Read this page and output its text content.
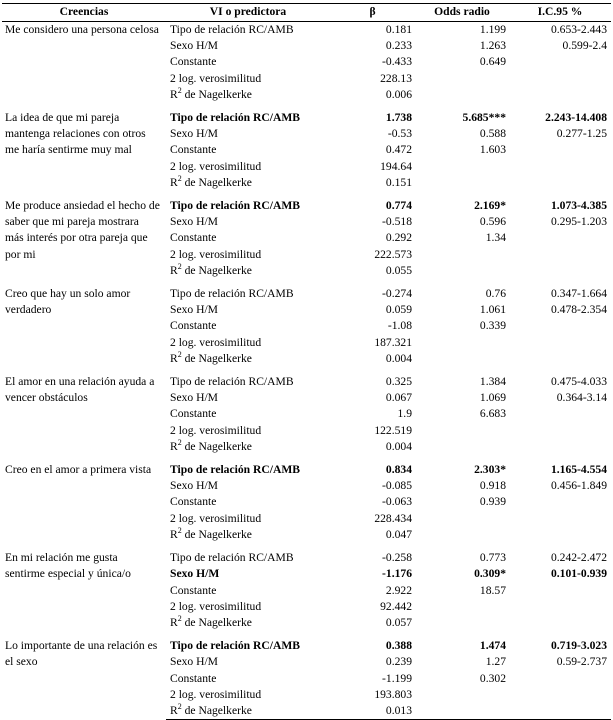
Creencias	VI o predictora	β	Odds radio	I.C.95 %
Me considero una persona celosa	Tipo de relación RC/AMB	0.181	1.199	0.653-2.443
	Sexo H/M	0.233	1.263	0.599-2.4
	Constante	-0.433	0.649	
	2 log. verosimilitud	228.13		
	$R^2$ de Nagelkerke	0.006		

La idea de que mi pareja mantenga relaciones con otros me haría sentirme muy mal	Tipo de relación RC/AMB	1.738	5.685***	2.243-14.408
	Sexo H/M	-0.53	0.588	0.277-1.25
	Constante	0.472	1.603	
	2 log. verosimilitud	194.64		
	$R^2$ de Nagelkerke	0.151		

Me produce ansiedad el hecho de saber que mi pareja mostrara más interés por otra pareja que por mi	Tipo de relación RC/AMB	0.774	2.169*	1.073-4.385
	Sexo H/M	-0.518	0.596	0.295-1.203
	Constante	0.292	1.34	
	2 log. verosimilitud	222.573		
	$R^2$ de Nagelkerke	0.055		

Creo que hay un solo amor verdadero	Tipo de relación RC/AMB	-0.274	0.76	0.347-1.664
	Sexo H/M	0.059	1.061	0.478-2.354
	Constante	-1.08	0.339	
	2 log. verosimilitud	187.321		
	$R^2$ de Nagelkerke	0.004		

El amor en una relación ayuda a vencer obstáculos	Tipo de relación RC/AMB	0.325	1.384	0.475-4.033
	Sexo H/M	0.067	1.069	0.364-3.14
	Constante	1.9	6.683	
	2 log. verosimilitud	122.519		
	$R^2$ de Nagelkerke	0.004		

Creo en el amor a primera vista	Tipo de relación RC/AMB	0.834	2.303*	1.165-4.554
	Sexo H/M	-0.085	0.918	0.456-1.849
	Constante	-0.063	0.939	
	2 log. verosimilitud	228.434		
	$R^2$ de Nagelkerke	0.047		

En mi relación me gusta sentirme especial y única/o	Tipo de relación RC/AMB	-0.258	0.773	0.242-2.472
	Sexo H/M	-1.176	0.309*	0.101-0.939
	Constante	2.922	18.57	
	2 log. verosimilitud	92.442		
	$R^2$ de Nagelkerke	0.057		

Lo importante de una relación es el sexo	Tipo de relación RC/AMB	0.388	1.474	0.719-3.023
	Sexo H/M	0.239	1.27	0.59-2.737
	Constante	-1.199	0.302	
	2 log. verosimilitud	193.803		
	$R^2$ de Nagelkerke	0.013		
